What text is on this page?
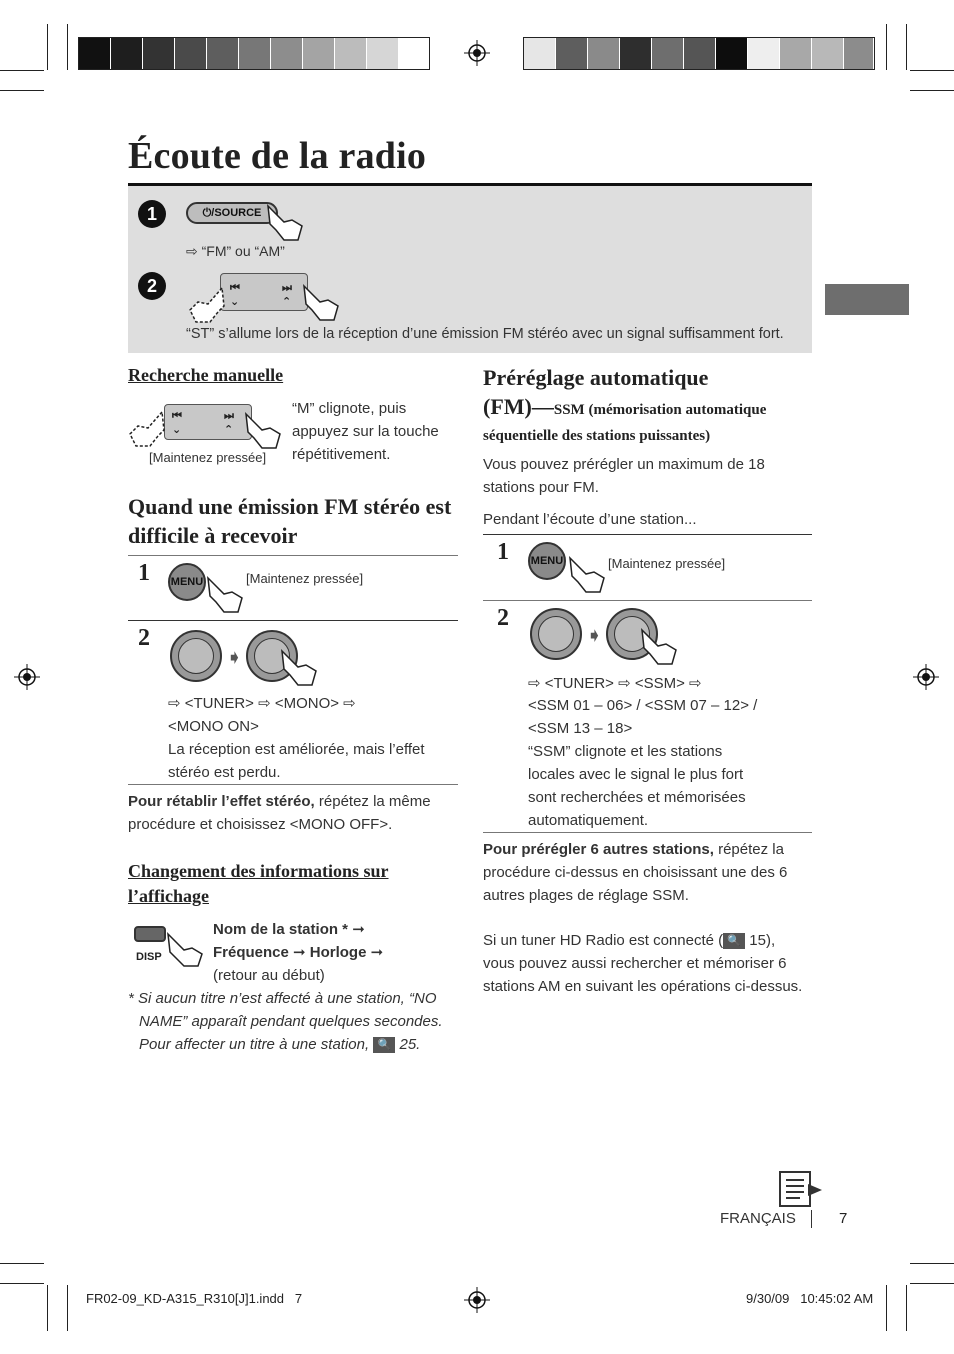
Écoute de la radio
1	⏻/SOURCE
⇨ “FM” ou “AM”
2	⏮
⌄
⏭
⌃
“ST” s’allume lors de la réception d’une émission FM stéréo avec un signal suffisamment fort.
Recherche manuelle
⏮
⌄
⏭
⌃
[Maintenez pressée]
“M” clignote, puis appuyez sur la touche répétitivement.
Quand une émission FM stéréo est difficile à recevoir
1 MENU	[Maintenez pressée]
2
➧
⇨ <TUNER> ⇨ <MONO> ⇨
<MONO ON>
La réception est améliorée, mais l’effet stéréo est perdu.
Pour rétablir l’effet stéréo, répétez la même procédure et choisissez <MONO OFF>.
Changement des informations sur
l’affichage
DISP
Nom de la station * ➞
Fréquence ➞ Horloge ➞
(retour au début)
* Si aucun titre n’est affecté à une station, “NO
NAME” apparaît pendant quelques secondes.
Pour affecter un titre à une station, 🔍 25.
Préréglage automatique
(FM)—SSM (mémorisation automatique
séquentielle des stations puissantes)
Vous pouvez prérégler un maximum de 18 stations pour FM.
Pendant l’écoute d’une station...
1 MENU	[Maintenez pressée]
2
➧
⇨ <TUNER> ⇨ <SSM> ⇨
<SSM 01 – 06> / <SSM 07 – 12> /
<SSM 13 – 18>
“SSM” clignote et les stations locales avec le signal le plus fort sont recherchées et mémorisées automatiquement.
Pour prérégler 6 autres stations, répétez la procédure ci-dessus en choisissant une des 6 autres plages de réglage SSM.
Si un tuner HD Radio est connecté ( 🔍 15),
vous pouvez aussi rechercher et mémoriser 6 stations AM en suivant les opérations ci-dessus.
FRANÇAIS	7
FR02-09_KD-A315_R310[J]1.indd   7	9/30/09   10:45:02 AM
